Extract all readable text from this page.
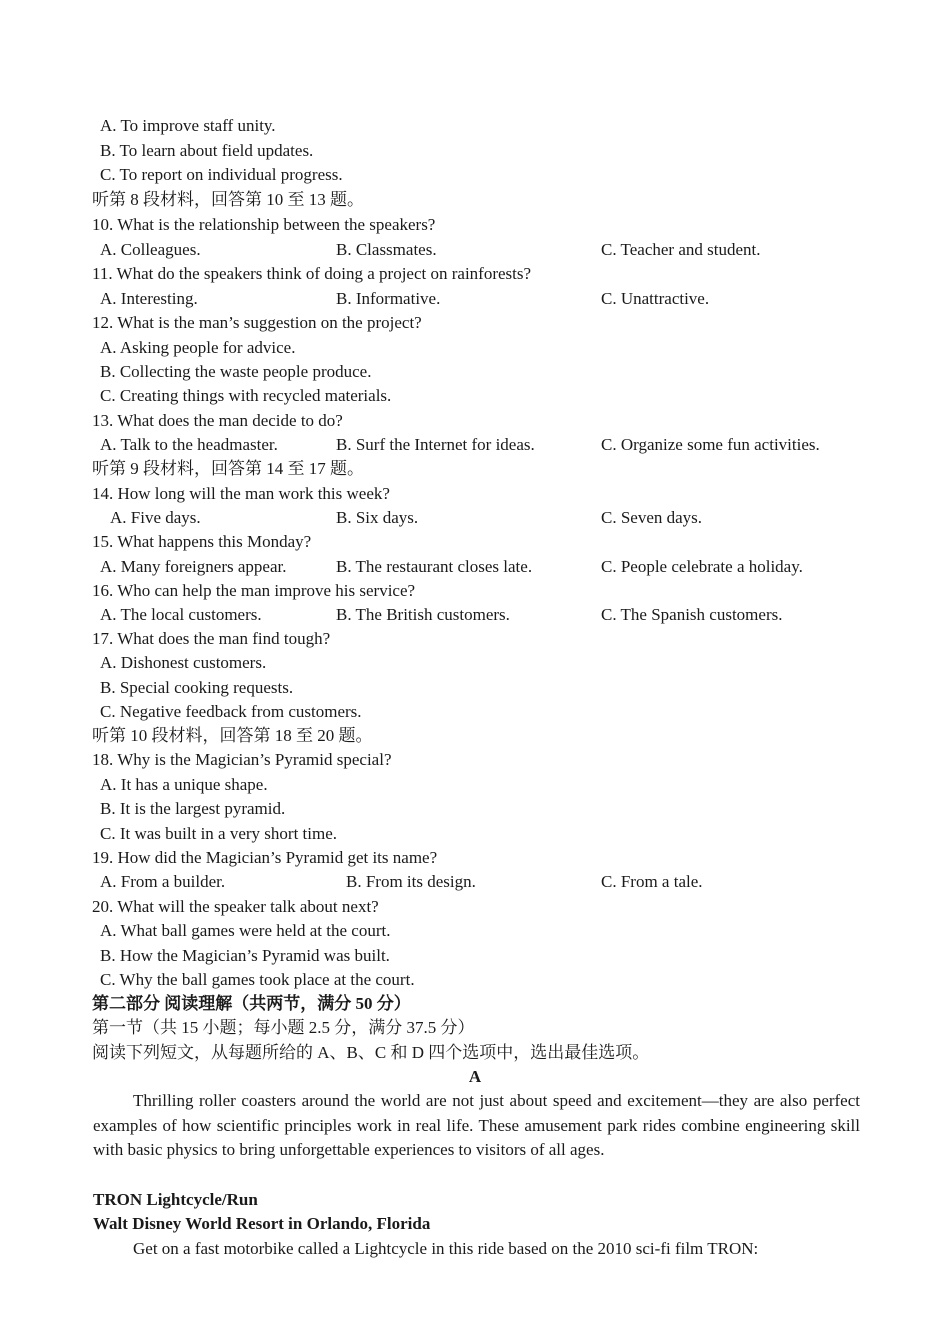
A. To improve staff unity.
B. To learn about field updates.
C. To report on individual progress.
听第 8 段材料，回答第 10 至 13 题。
10. What is the relationship between the speakers?
A. Colleagues.	B. Classmates.	C. Teacher and student.
11. What do the speakers think of doing a project on rainforests?
A. Interesting.	B. Informative.	C. Unattractive.
12. What is the man’s suggestion on the project?
A. Asking people for advice.
B. Collecting the waste people produce.
C. Creating things with recycled materials.
13. What does the man decide to do?
A. Talk to the headmaster.	B. Surf the Internet for ideas.	C. Organize some fun activities.
听第 9 段材料，回答第 14 至 17 题。
14. How long will the man work this week?
A. Five days.	B. Six days.	C. Seven days.
15. What happens this Monday?
A. Many foreigners appear.	B. The restaurant closes late.	C. People celebrate a holiday.
16. Who can help the man improve his service?
A. The local customers.	B. The British customers.	C. The Spanish customers.
17. What does the man find tough?
A. Dishonest customers.
B. Special cooking requests.
C. Negative feedback from customers.
听第 10 段材料，回答第 18 至 20 题。
18. Why is the Magician’s Pyramid special?
A. It has a unique shape.
B. It is the largest pyramid.
C. It was built in a very short time.
19. How did the Magician’s Pyramid get its name?
A. From a builder.	B. From its design.	C. From a tale.
20. What will the speaker talk about next?
A. What ball games were held at the court.
B. How the Magician’s Pyramid was built.
C. Why the ball games took place at the court.
第二部分 阅读理解（共两节，满分 50 分）
第一节（共 15 小题；每小题 2.5 分，满分 37.5 分）
阅读下列短文，从每题所给的 A、B、C 和 D 四个选项中，选出最佳选项。
A

Thrilling roller coasters around the world are not just about speed and excitement—they are also perfect examples of how scientific principles work in real life. These amusement park rides combine engineering skill with basic physics to bring unforgettable experiences to visitors of all ages.

TRON Lightcycle/Run
Walt Disney World Resort in Orlando, Florida
Get on a fast motorbike called a Lightcycle in this ride based on the 2010 sci-fi film TRON:
